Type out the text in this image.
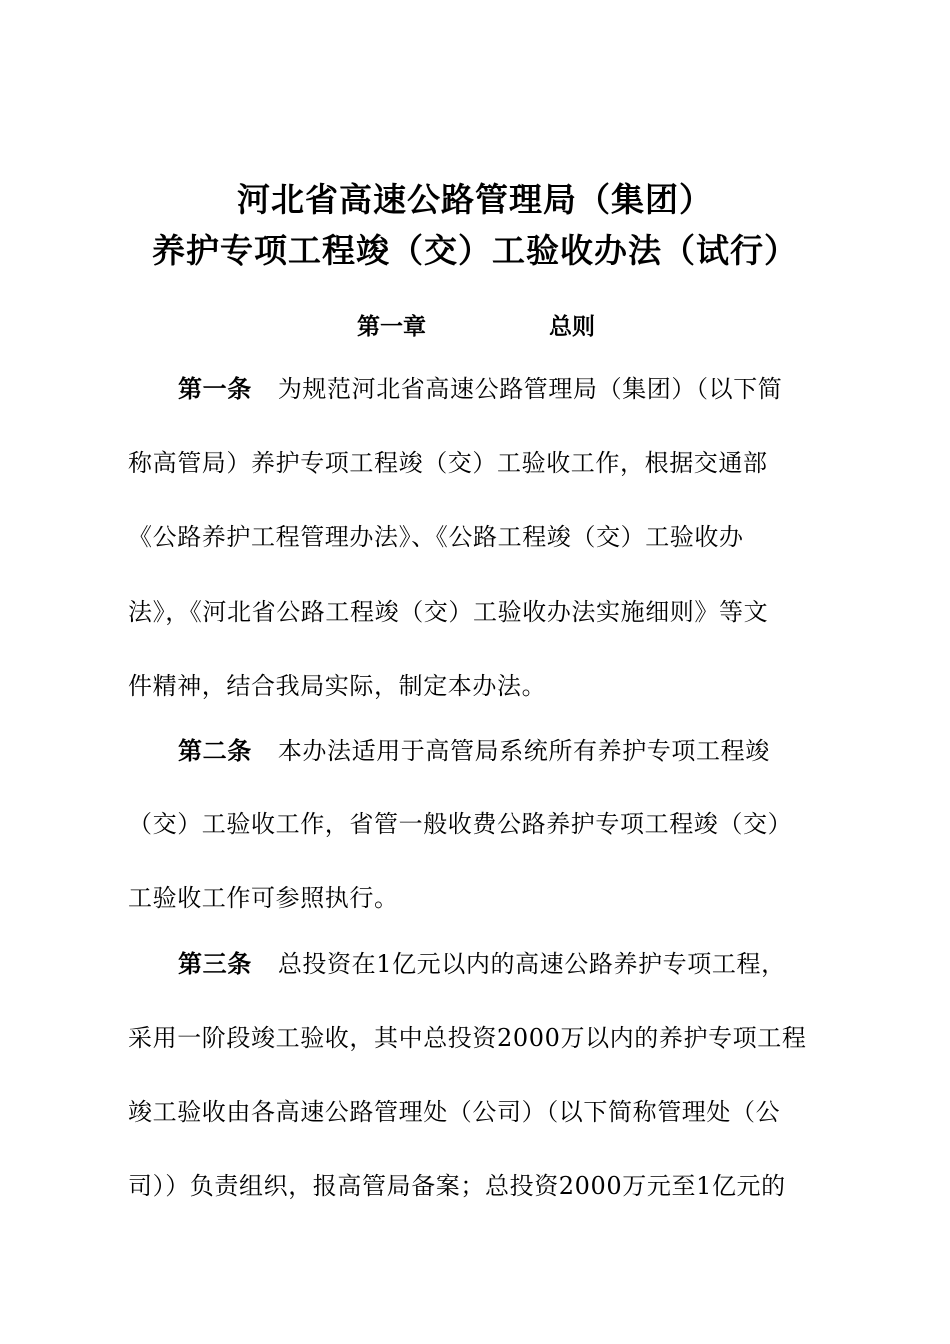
河北省高速公路管理局（集团）
养护专项工程竣（交）工验收办法（试行）
第一章	总则
第一条 为规范河北省高速公路管理局（集团）（以下简
称高管局）养护专项工程竣（交）工验收工作，根据交通部
《公路养护工程管理办法》、《公路工程竣（交）工验收办
法》，《河北省公路工程竣（交）工验收办法实施细则》等文
件精神，结合我局实际，制定本办法。
第二条 本办法适用于高管局系统所有养护专项工程竣
（交）工验收工作，省管一般收费公路养护专项工程竣（交）
工验收工作可参照执行。
第三条 总投资在1亿元以内的高速公路养护专项工程，
采用一阶段竣工验收，其中总投资2000万以内的养护专项工程
竣工验收由各高速公路管理处（公司）（以下简称管理处（公
司））负责组织，报高管局备案；总投资2000万元至1亿元的
